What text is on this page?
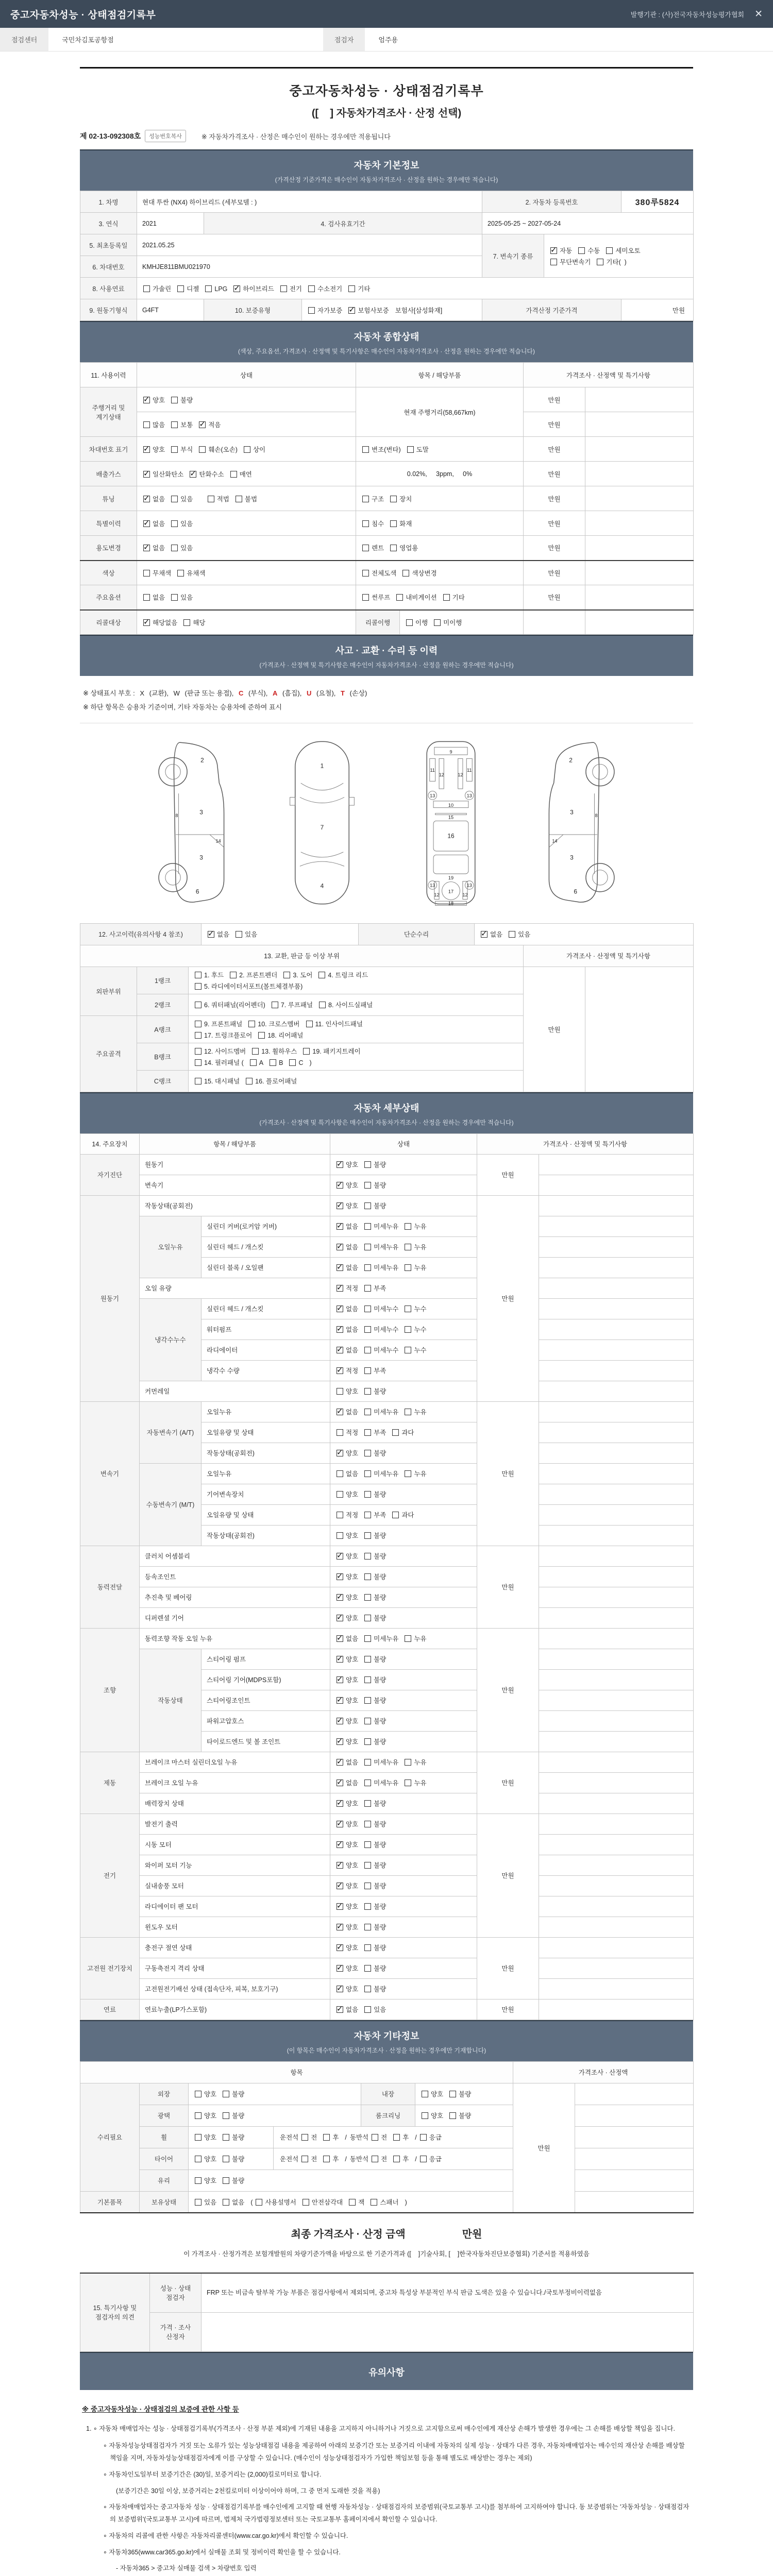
중고자동차성능 · 상태점검기록부	발행기관 : (사)전국자동차성능평가협회 ✕
점검센터	국민차김포공항점	점검자	엄주용
중고자동차성능 · 상태점검기록부
([    ] 자동차가격조사 · 산정 선택)
제 02-13-092308호	성능번호복사	※ 자동차가격조사 · 산정은 매수인이 원하는 경우에만 적용됩니다
자동차 기본정보

(가격산정 기준가격은 매수인이 자동차가격조사 · 산정을 원하는 경우에만 적습니다)

1. 차명	현대 투싼 (NX4) 하이브리드 (세부모델 : )			2. 자동차 등록번호		380루5824
3. 연식	2021	4. 검사유효기간		2025-05-25 ~ 2027-05-24		
5. 최초등록일	2021.05.25			7. 변속기 종류	✓자동 수동 세미오토
무단변속기 기타(  )
6. 차대번호	KMHJE811BMU021970					
8. 사용연료	가솔린 디젤 LPG ✓ 하이브리드 전기 수소전기 기타
9. 원동기형식	G4FT	10. 보증유형	자가보증 ✓ 보험사보증 보험사[삼성화재]	가격산정 기준가격		만원
자동차 종합상태

(색상, 주요옵션, 가격조사 · 산정액 및 특기사항은 매수인이 자동차가격조사 · 산정을 원하는 경우에만 적습니다)

11. 사용이력	상태	항목 / 해당부품		가격조사 · 산정액 및 특기사항	
주행거리 및 계기상태	✓양호 불량	현재 주행거리(58,667km)		만원	
	많음 보통 ✓ 적음			만원	
차대번호 표기	✓양호 부식 훼손(오손) 상이	변조(변타) 도말		만원	
배출가스	✓일산화탄소 ✓ 탄화수소 매연	0.02%,     3ppm,     0%		만원	
튜닝	✓없음 있음 적법 불법	구조 장치		만원	
특별이력	✓없음 있음	침수 화재		만원	
용도변경	✓없음 있음	렌트 영업용		만원	
색상	무채색 유채색	전체도색 색상변경		만원	
주요옵션	없음 있음	썬루프 내비게이션 기타		만원	
리콜대상	✓해당없음 해당	리콜이행	이행 미이행		
사고 · 교환 · 수리 등 이력

(가격조사 · 산정액 및 특기사항은 매수인이 자동차가격조사 · 산정을 원하는 경우에만 적습니다)

※ 상태표시 부호 : X (교환), W (판금 또는 용접), C (부식), A (흠집), U (요철), T (손상)
※ 하단 항목은 승용차 기준이며, 기타 자동차는 승용차에 준하여 표시
2
8	3
14
3
6
1
7
4
9
11	11
12	12
13	13
10
15
16
19
13	13
17
12	12
18
2
3	8
14
3
6
12. 사고이력(유의사항 4 참조)	✓없음 있음	단순수리	✓없음 있음
13. 교환, 판금 등 이상 부위			가격조사 · 산정액 및 특기사항	
외판부위	1랭크	1. 후드 2. 프론트펜더 3. 도어 4. 트렁크 리드
5. 라디에이터서포트(볼트체결부품)	만원	
	2랭크	6. 쿼터패널(리어펜더) 7. 루프패널 8. 사이드실패널		
주요골격	A랭크	9. 프론트패널 10. 크로스멤버 11. 인사이드패널
17. 트렁크플로어 18. 리어패널		
	B랭크	12. 사이드멤버 13. 휠하우스 19. 패키지트레이
14. 필러패널 ( A B C )		
	C랭크	15. 대시패널 16. 플로어패널		
자동차 세부상태

(가격조사 · 산정액 및 특기사항은 매수인이 자동차가격조사 · 산정을 원하는 경우에만 적습니다)

14. 주요장치	항목 / 해당부품		상태	가격조사 · 산정액 및 특기사항	
자기진단	원동기	✓양호 불량	만원	
	변속기	✓양호 불량	
원동기	작동상태(공회전)	✓양호 불량	만원	
	오일누유	실린더 커버(로커암 커버)	✓없음 미세누유 누유	
		실린더 헤드 / 개스킷	✓없음 미세누유 누유	
		실린더 블록 / 오일팬	✓없음 미세누유 누유	
	오일 유량	✓적정 부족	
	냉각수누수	실린더 헤드 / 개스킷	✓없음 미세누수 누수	
		워터펌프	✓없음 미세누수 누수	
		라디에이터	✓없음 미세누수 누수	
		냉각수 수량	✓적정 부족	
	커먼레일		양호 불량		
변속기	자동변속기 (A/T)	오일누유	✓없음 미세누유 누유	만원	
		오일유량 및 상태	적정 부족 과다		
		작동상태(공회전)	✓양호 불량	
	수동변속기 (M/T)	오일누유	없음 미세누유 누유		
		기어변속장치	양호 불량		
		오일유량 및 상태	적정 부족 과다		
		작동상태(공회전)	양호 불량		
동력전달	클러치 어셈블리	✓양호 불량	만원	
	등속조인트	✓양호 불량	
	추진축 및 베어링	✓양호 불량	
	디퍼렌셜 기어	✓양호 불량	
조향	동력조향 작동 오일 누유	✓없음 미세누유 누유	만원	
	작동상태	스티어링 펌프	✓양호 불량	
		스티어링 기어(MDPS포함)	✓양호 불량	
		스티어링조인트	✓양호 불량	
		파워고압호스	✓양호 불량	
		타이로드엔드 및 볼 조인트	✓양호 불량	
제동	브레이크 마스터 실린더오일 누유	✓없음 미세누유 누유	만원	
	브레이크 오일 누유	✓없음 미세누유 누유	
	배력장치 상태	✓양호 불량	
전기	발전기 출력	✓양호 불량	만원	
	시동 모터	✓양호 불량	
	와이퍼 모터 기능	✓양호 불량	
	실내송풍 모터	✓양호 불량	
	라디에이터 팬 모터	✓양호 불량	
	윈도우 모터	✓양호 불량	
고전원 전기장치	충전구 절연 상태	✓양호 불량	만원	
	구동축전지 격리 상태	✓양호 불량	
	고전원전기배선 상태 (접속단자, 피복, 보호기구)	✓양호 불량	
연료	연료누출(LP가스포함)	✓없음 있음	만원	
자동차 기타정보

(이 항목은 매수인이 자동차가격조사 · 산정을 원하는 경우에만 기재합니다)

항목						가격조사 · 산정액	
수리필요	외장	양호 불량		내장	양호 불량	만원	
	광택	양호 불량		룸크리닝	양호 불량		
	휠	양호 불량	운전석 전 후 / 동반석 전 후 / 응급				
	타이어	양호 불량	운전석 전 후 / 동반석 전 후 / 응급				
	유리	양호 불량					
기본품목	보유상태	있음 없음 ( 사용설명서 안전삼각대 잭 스패너 )					
최종 가격조사 · 산정 금액	만원
이 가격조사 · 산정가격은 보험개발원의 차량기준가액을 바탕으로 한 기준가격과 ([    ]기술사회, [    ]한국자동차진단보증협회) 기준서를 적용하였음
15. 특기사항 및 점검자의 의견	성능 · 상태 점검자	FRP 또는 비금속 탈부착 가능 부품은 점검사항에서 제외되며, 중고차 특성상 부분적인 부식 판금 도색은 있을 수 있습니다./국토부정비이력없음
	가격 · 조사 산정자	
유의사항
※ 중고자동차성능 · 상태점검의 보증에 관한 사항 등
1. ∘ 자동차 매매업자는 성능 · 상태점검기록부(가격조사 · 산정 부분 제외)에 기재된 내용을 고지하지 아니하거나 거짓으로 고지함으로써 매수인에게 재산상 손해가 발생한 경우에는 그 손해를 배상할 책임을 집니다.
∘ 자동차성능상태점검자가 거짓 또는 오류가 있는 성능상태점검 내용을 제공하여 아래의 보증기간 또는 보증거리 이내에 자동차의 실제 성능 · 상태가 다른 경우, 자동차매매업자는 매수인의 재산상 손해를 배상할 책임을 지며, 자동차성능상태점검자에게 이를 구상할 수 있습니다. (매수인이 성능상태점검자가 가입한 책임보험 등을 통해 별도로 배상받는 경우는 제외)
∘ 자동차인도일부터 보증기간은 (30)일, 보증거리는 (2,000)킬로미터로 합니다.
(보증기간은 30일 이상, 보증거리는 2천킬로미터 이상이어야 하며, 그 중 먼저 도래한 것을 적용)
∘ 자동차매매업자는 중고자동차 성능 · 상태점검기록부를 매수인에게 고지할 때 현행 자동차성능 · 상태점검자의 보증범위(국토교통부 고시)를 첨부하여 고지하여야 합니다. 동 보증범위는 '자동차성능 · 상태점검자의 보증범위'(국토교통부 고시)에 따르며, 법제처 국가법령정보센터 또는 국토교통부 홈페이지에서 확인할 수 있습니다.
∘ 자동차의 리콜에 관한 사항은 자동차리콜센터(www.car.go.kr)에서 확인할 수 있습니다.
∘ 자동차365(www.car365.go.kr)에서 실매물 조회 및 정비이력 확인을 할 수 있습니다.
- 자동차365 > 중고차 실매물 검색 > 차량번호 입력
